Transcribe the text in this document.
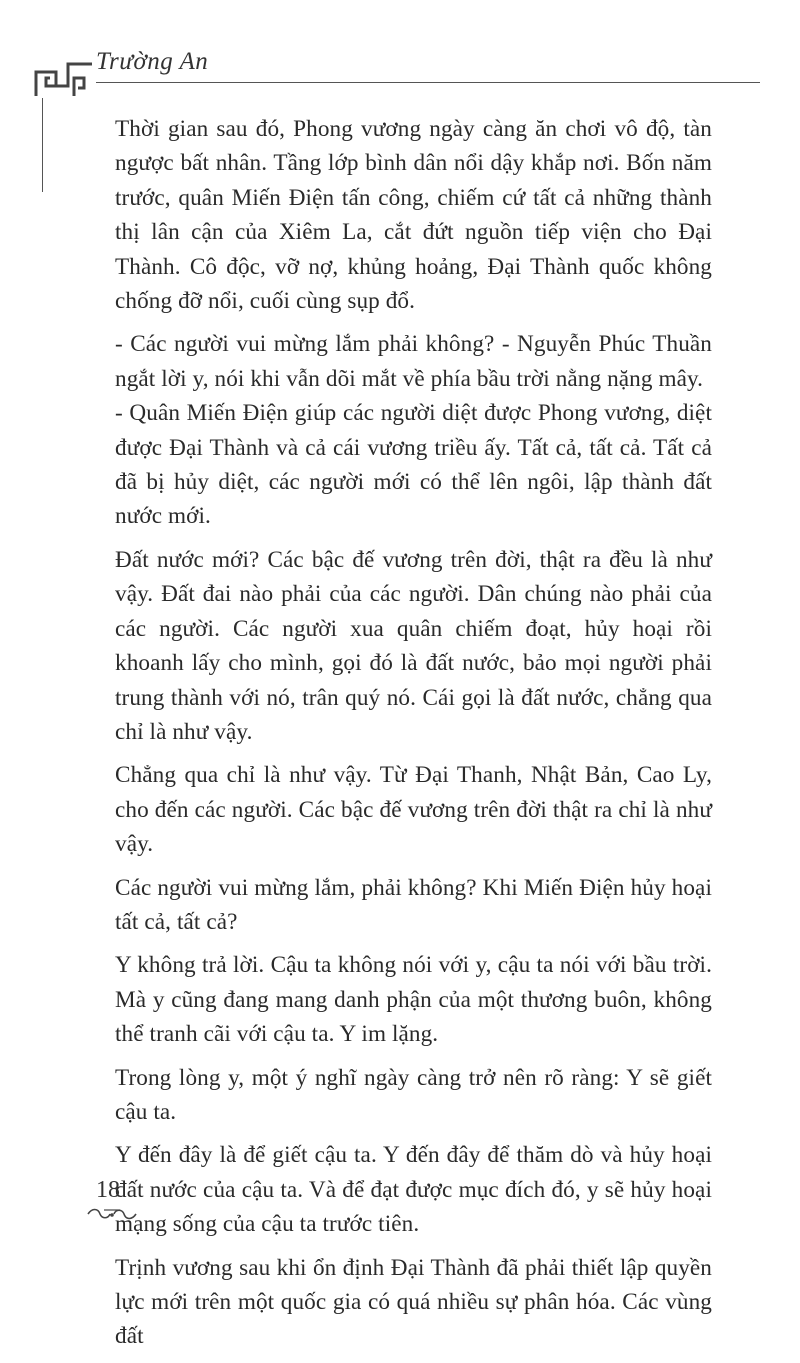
Trường An

Thời gian sau đó, Phong vương ngày càng ăn chơi vô độ, tàn ngược bất nhân. Tầng lớp bình dân nổi dậy khắp nơi. Bốn năm trước, quân Miến Điện tấn công, chiếm cứ tất cả những thành thị lân cận của Xiêm La, cắt đứt nguồn tiếp viện cho Đại Thành. Cô độc, vỡ nợ, khủng hoảng, Đại Thành quốc không chống đỡ nổi, cuối cùng sụp đổ.

- Các người vui mừng lắm phải không? - Nguyễn Phúc Thuần ngắt lời y, nói khi vẫn dõi mắt về phía bầu trời nằng nặng mây.

- Quân Miến Điện giúp các người diệt được Phong vương, diệt được Đại Thành và cả cái vương triều ấy. Tất cả, tất cả. Tất cả đã bị hủy diệt, các người mới có thể lên ngôi, lập thành đất nước mới.

Đất nước mới? Các bậc đế vương trên đời, thật ra đều là như vậy. Đất đai nào phải của các người. Dân chúng nào phải của các người. Các người xua quân chiếm đoạt, hủy hoại rồi khoanh lấy cho mình, gọi đó là đất nước, bảo mọi người phải trung thành với nó, trân quý nó. Cái gọi là đất nước, chẳng qua chỉ là như vậy.

Chẳng qua chỉ là như vậy. Từ Đại Thanh, Nhật Bản, Cao Ly, cho đến các người. Các bậc đế vương trên đời thật ra chỉ là như vậy.

Các người vui mừng lắm, phải không? Khi Miến Điện hủy hoại tất cả, tất cả?

Y không trả lời. Cậu ta không nói với y, cậu ta nói với bầu trời. Mà y cũng đang mang danh phận của một thương buôn, không thể tranh cãi với cậu ta. Y im lặng.

Trong lòng y, một ý nghĩ ngày càng trở nên rõ ràng: Y sẽ giết cậu ta.

Y đến đây là để giết cậu ta. Y đến đây để thăm dò và hủy hoại đất nước của cậu ta. Và để đạt được mục đích đó, y sẽ hủy hoại mạng sống của cậu ta trước tiên.

Trịnh vương sau khi ổn định Đại Thành đã phải thiết lập quyền lực mới trên một quốc gia có quá nhiều sự phân hóa. Các vùng đất

18
